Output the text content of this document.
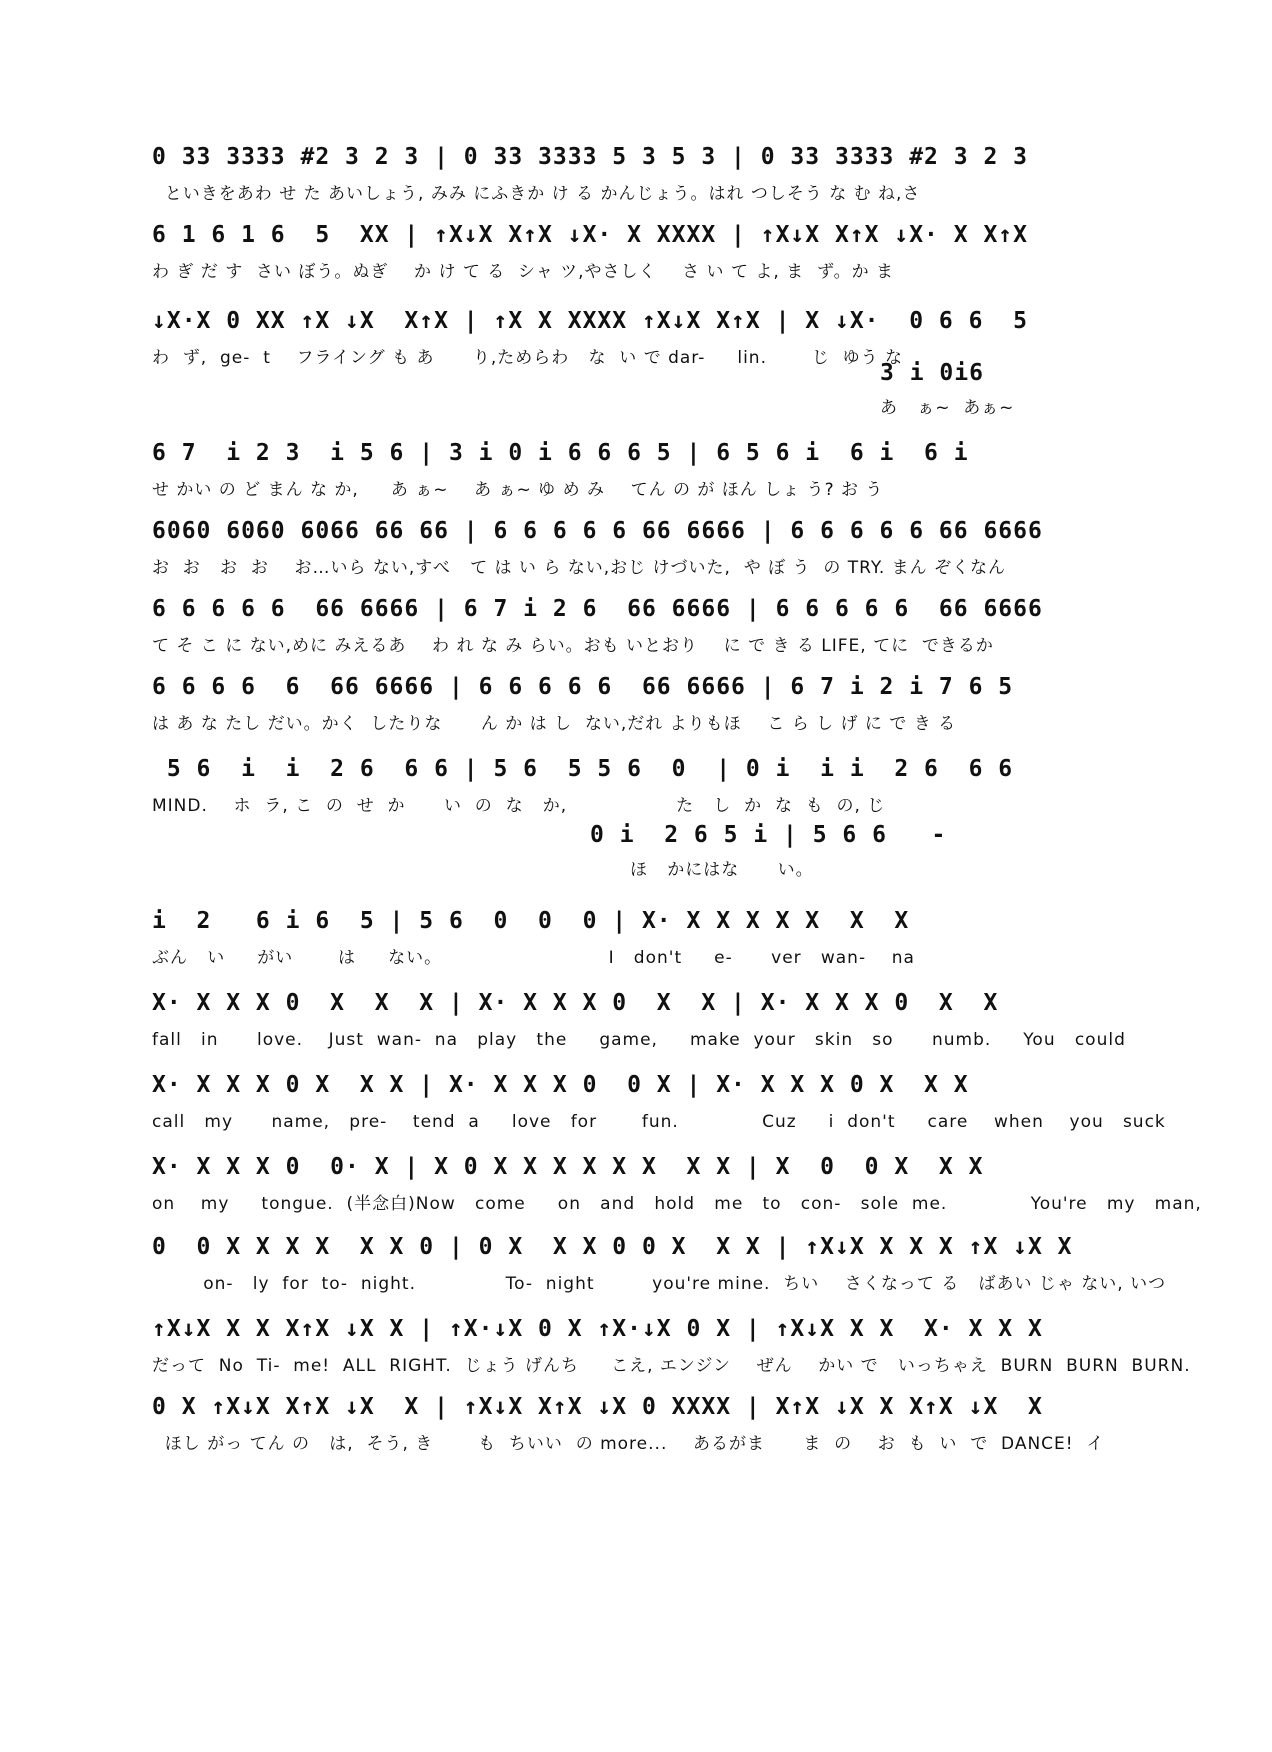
0 33 3333 #2 3 2 3 | 0 33 3333 5 3 5 3 | 0 33 3333 #2 3 2 3
といきをあわ せ た あいしょう, みみ にふきか け る かんじょう。はれ つしそう な む ね,さ
6 1 6 1 6  5  XX | ↑X↓X X↑X ↓X· X XXXX | ↑X↓X X↑X ↓X· X X↑X
わ ぎ だ す  さい ぼう。ぬぎ    か け て る  シャ ツ,やさしく    さ い て よ, ま  ず。か ま
↓X·X 0 XX ↑X ↓X  X↑X | ↑X X XXXX ↑X↓X X↑X | X ↓X·  0 6 6  5
わ  ず,  ge-  t    フライング も あ      り,ためらわ   な  い で dar-     lin.       じ  ゆう な
3 i 0i6
あ   ぁ~  あぁ~
6 7  i 2 3  i 5 6 | 3 i 0 i 6 6 6 5 | 6 5 6 i  6 i  6 i
せ かい の ど まん な か,     あ ぁ~    あ ぁ~ ゆ め み    てん の が ほん しょ う? お う
6060 6060 6066 66 66 | 6 6 6 6 6 66 6666 | 6 6 6 6 6 66 6666
お  お   お  お    お…いら ない,すべ   て は い ら ない,おじ けづいた,  や ぼ う  の TRY. まん ぞくなん
6 6 6 6 6  66 6666 | 6 7 i 2 6  66 6666 | 6 6 6 6 6  66 6666
て そ こ に ない,めに みえるあ    わ れ な み らい。おも いとおり    に で き る LIFE, てに  できるか
6 6 6 6  6  66 6666 | 6 6 6 6 6  66 6666 | 6 7 i 2 i 7 6 5
は あ な たし だい。かく  したりな      ん か は し  ない,だれ よりもほ    こ ら し げ に で き る
5 6  i  i  2 6  6 6 | 5 6  5 5 6  0  | 0 i  i i  2 6  6 6
MIND.    ホ  ラ, こ  の  せ  か      い  の  な   か,                 た   し  か  な  も  の, じ
0 i  2 6 5 i | 5 6 6   -
ほ   かにはな      い。
i  2   6 i 6  5 | 5 6  0  0  0 | X· X X X X X  X  X
ぶん   い     がい       は     ない。                          I   don't     e-      ver   wan-    na
X· X X X 0  X  X  X | X· X X X 0  X  X | X· X X X 0  X  X
fall   in      love.    Just  wan-  na   play   the     game,     make  your   skin   so      numb.     You   could
X· X X X 0 X  X X | X· X X X 0  0 X | X· X X X 0 X  X X
call   my      name,   pre-    tend  a     love   for       fun.             Cuz     i  don't     care    when    you   suck
X· X X X 0  0· X | X 0 X X X X X X  X X | X  0  0 X  X X
on    my     tongue.  (半念白)Now   come     on   and   hold   me   to   con-   sole  me.             You're   my   man,
0  0 X X X X  X X 0 | 0 X  X X 0 0 X  X X | ↑X↓X X X X ↑X ↓X X
on-   ly  for  to-  night.              To-  night         you're mine.  ちい    さくなって る   ばあい じゃ ない, いつ
↑X↓X X X X↑X ↓X X | ↑X·↓X 0 X ↑X·↓X 0 X | ↑X↓X X X  X· X X X
だって  No  Ti-  me!  ALL  RIGHT.  じょう げんち     こえ, エンジン    ぜん    かい で   いっちゃえ  BURN  BURN  BURN.
0 X ↑X↓X X↑X ↓X  X | ↑X↓X X↑X ↓X 0 XXXX | X↑X ↓X X X↑X ↓X  X
ほし がっ てん の   は,  そう, き       も  ちいい  の more...    あるがま      ま  の    お  も  い  で  DANCE!  イ
